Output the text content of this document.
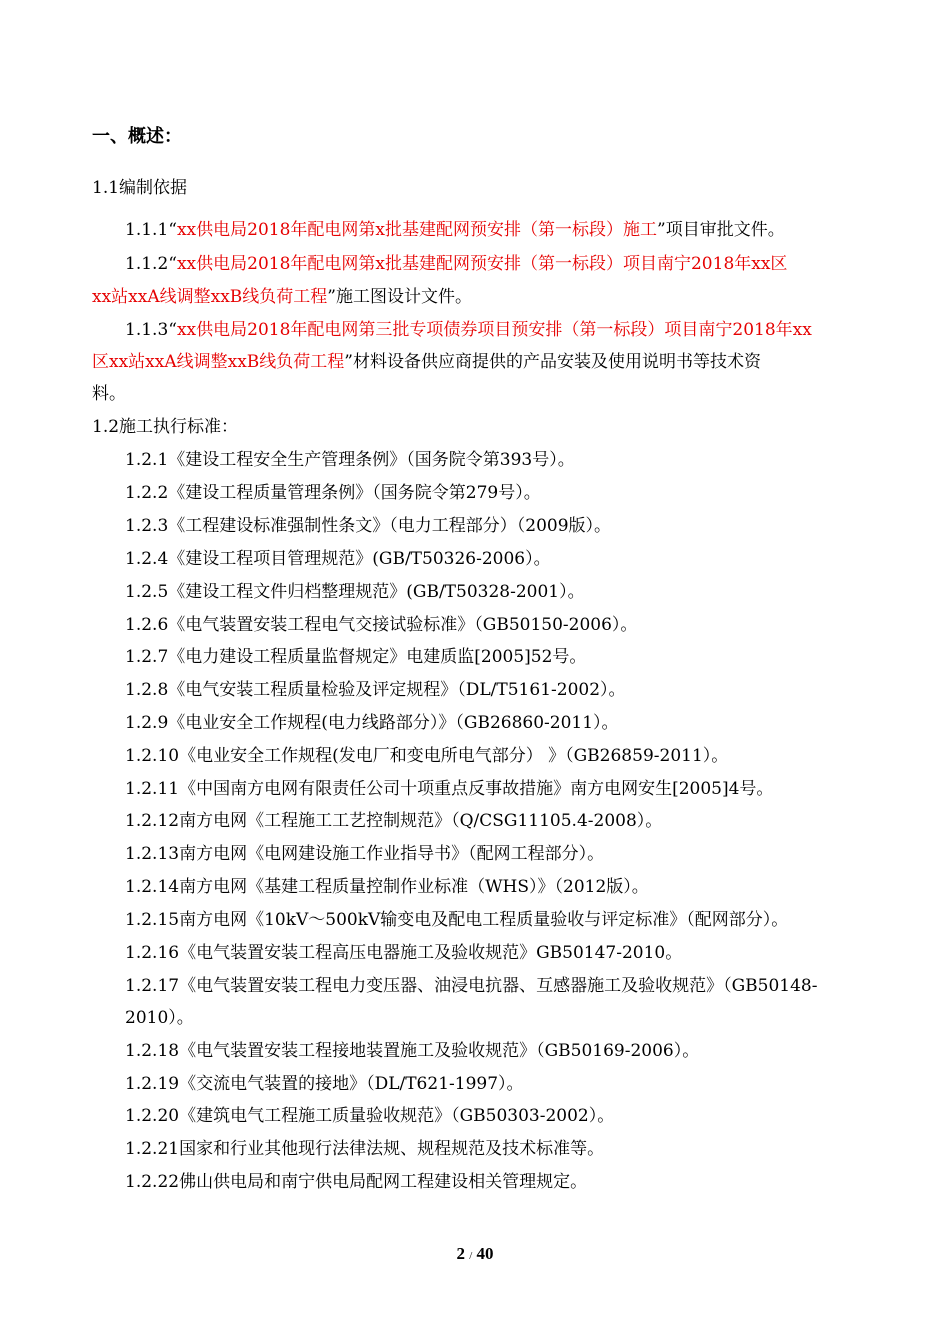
一、概述：
1.1编制依据
1.1.1“xx供电局2018年配电网第x批基建配网预安排（第一标段）施工”项目审批文件。
1.1.2“xx供电局2018年配电网第x批基建配网预安排（第一标段）项目南宁2018年xx区
xx站xxA线调整xxB线负荷工程”施工图设计文件。
1.1.3“xx供电局2018年配电网第三批专项债券项目预安排（第一标段）项目南宁2018年xx
区xx站xxA线调整xxB线负荷工程”材料设备供应商提供的产品安装及使用说明书等技术资
料。
1.2施工执行标准：
1.2.1《建设工程安全生产管理条例》（国务院令第393号）。
1.2.2《建设工程质量管理条例》（国务院令第279号）。
1.2.3《工程建设标准强制性条文》（电力工程部分）（2009版）。
1.2.4《建设工程项目管理规范》(GB/T50326-2006）。
1.2.5《建设工程文件归档整理规范》(GB/T50328-2001）。
1.2.6《电气装置安装工程电气交接试验标准》（GB50150-2006）。
1.2.7《电力建设工程质量监督规定》电建质监[2005]52号。
1.2.8《电气安装工程质量检验及评定规程》（DL/T5161-2002）。
1.2.9《电业安全工作规程(电力线路部分）》（GB26860-2011）。
1.2.10《电业安全工作规程(发电厂和变电所电气部分） 》（GB26859-2011）。
1.2.11《中国南方电网有限责任公司十项重点反事故措施》南方电网安生[2005]4号。
1.2.12南方电网《工程施工工艺控制规范》（Q/CSG11105.4-2008）。
1.2.13南方电网《电网建设施工作业指导书》（配网工程部分）。
1.2.14南方电网《基建工程质量控制作业标准（WHS）》（2012版）。
1.2.15南方电网《10kV～500kV输变电及配电工程质量验收与评定标准》（配网部分）。
1.2.16《电气装置安装工程高压电器施工及验收规范》GB50147-2010。
1.2.17《电气装置安装工程电力变压器、油浸电抗器、互感器施工及验收规范》（GB50148-
2010）。
1.2.18《电气装置安装工程接地装置施工及验收规范》（GB50169-2006）。
1.2.19《交流电气装置的接地》（DL/T621-1997）。
1.2.20《建筑电气工程施工质量验收规范》（GB50303-2002）。
1.2.21国家和行业其他现行法律法规、规程规范及技术标准等。
1.2.22佛山供电局和南宁供电局配网工程建设相关管理规定。
2 / 40
